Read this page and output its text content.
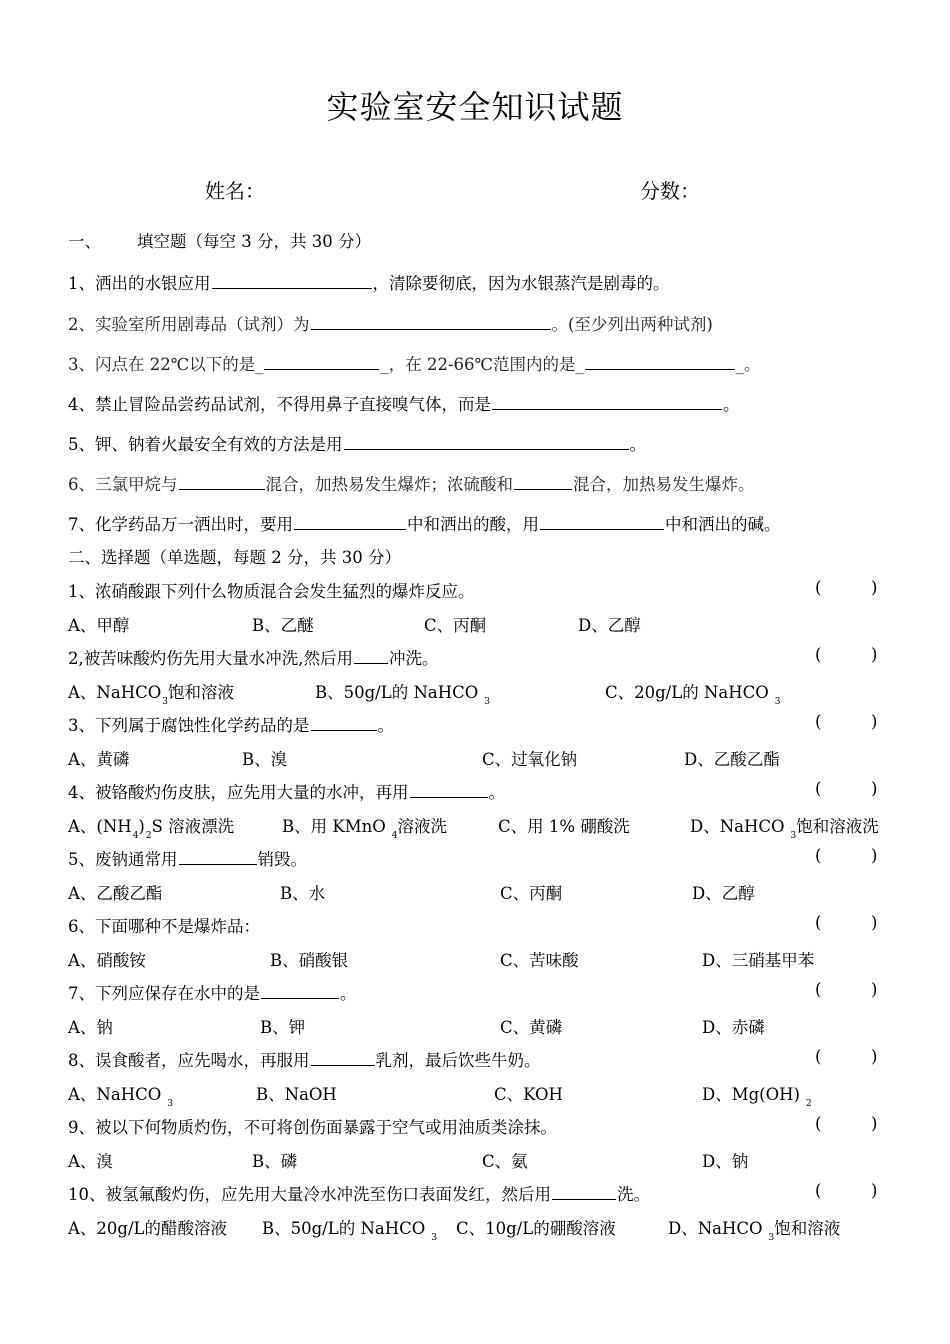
实验室安全知识试题
姓名：	分数：
一、 填空题（每空 3 分，共 30 分）
1、洒出的水银应用	，清除要彻底，因为水银蒸汽是剧毒的。
2、实验室所用剧毒品（试剂）为	。(至少列出两种试剂)
3、闪点在 22℃以下的是_	_，在 22-66℃范围内的是_	_。
4、禁止冒险品尝药品试剂，不得用鼻子直接嗅气体，而是	。
5、钾、钠着火最安全有效的方法是用	。
6、三氯甲烷与	混合，加热易发生爆炸；浓硫酸和	混合，加热易发生爆炸。
7、化学药品万一洒出时，要用	中和洒出的酸，用	中和洒出的碱。
二、选择题（单选题，每题 2 分，共 30 分）
1、浓硝酸跟下列什么物质混合会发生猛烈的爆炸反应。	(	)
A、甲醇	B、乙醚	C、丙酮	D、乙醇
2,被苦味酸灼伤先用大量水冲洗,然后用 冲洗。	(	)
A、NaHCO$_3$饱和溶液	B、50g/L的 NaHCO $_3$	C、20g/L的 NaHCO $_3$
3、下列属于腐蚀性化学药品的是	。	(	)
A、黄磷	B、溴	C、过氧化钠	D、乙酸乙酯
4、被铬酸灼伤皮肤，应先用大量的水冲，再用	。	(	)
A、$(NH_4)_2S$ 溶液漂洗	B、用 KMnO $_4$溶液洗	C、用 1% 硼酸洗	D、NaHCO $_3$饱和溶液洗
5、废钠通常用	销毁。	(	)
A、乙酸乙酯	B、水	C、丙酮	D、乙醇
6、下面哪种不是爆炸品：	(	)
A、硝酸铵	B、硝酸银	C、苦味酸	D、三硝基甲苯
7、下列应保存在水中的是	。	(	)
A、钠	B、钾	C、黄磷	D、赤磷
8、误食酸者，应先喝水，再服用	乳剂，最后饮些牛奶。	(	)
A、NaHCO $_3$	B、NaOH	C、KOH	D、Mg(OH) $_2$
9、被以下何物质灼伤，不可将创伤面暴露于空气或用油质类涂抹。	(	)
A、溴	B、磷	C、氨	D、钠
10、被氢氟酸灼伤，应先用大量冷水冲洗至伤口表面发红，然后用	洗。	(	)
A、20g/L的醋酸溶液 B、50g/L的 NaHCO $_3$ C、10g/L的硼酸溶液	D、NaHCO $_3$饱和溶液
